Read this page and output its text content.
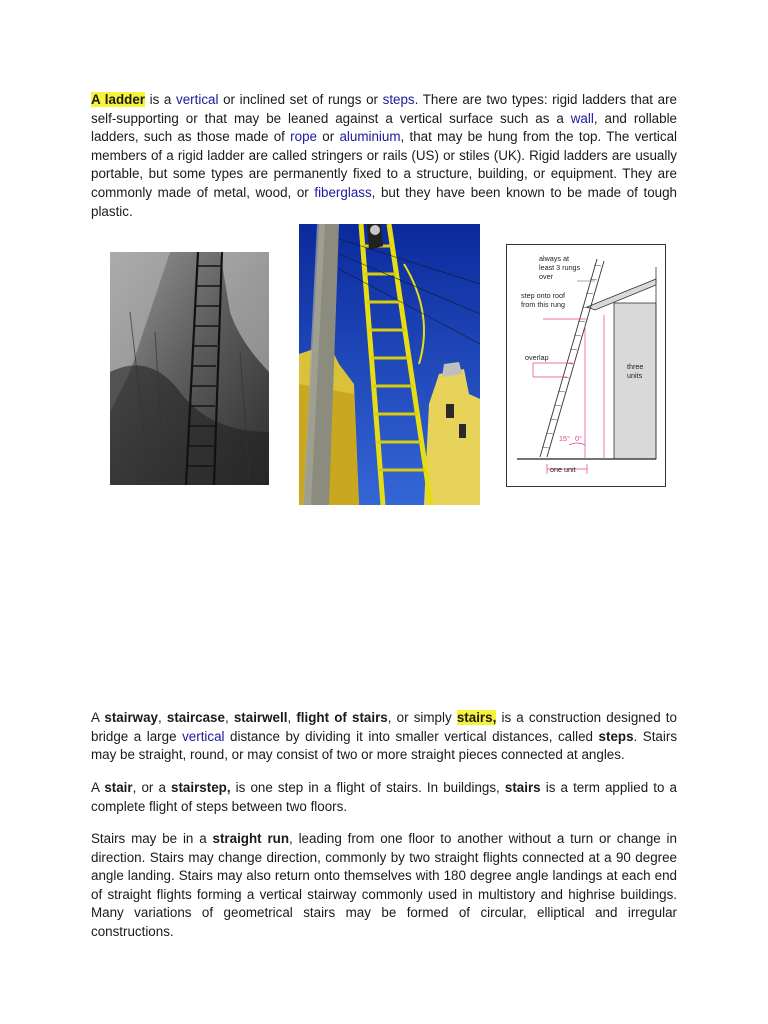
A ladder is a vertical or inclined set of rungs or steps. There are two types: rigid ladders that are self-supporting or that may be leaned against a vertical surface such as a wall, and rollable ladders, such as those made of rope or aluminium, that may be hung from the top. The vertical members of a rigid ladder are called stringers or rails (US) or stiles (UK). Rigid ladders are usually portable, but some types are permanently fixed to a structure, building, or equipment. They are commonly made of metal, wood, or fiberglass, but they have been known to be made of tough plastic.

always at
least 3 rungs
over
step onto roof
from this rung
overlap
three
units
15° 0°
one unit

A stairway, staircase, stairwell, flight of stairs, or simply stairs, is a construction designed to bridge a large vertical distance by dividing it into smaller vertical distances, called steps. Stairs may be straight, round, or may consist of two or more straight pieces connected at angles.

A stair, or a stairstep, is one step in a flight of stairs. In buildings, stairs is a term applied to a complete flight of steps between two floors.

Stairs may be in a straight run, leading from one floor to another without a turn or change in direction. Stairs may change direction, commonly by two straight flights connected at a 90 degree angle landing. Stairs may also return onto themselves with 180 degree angle landings at each end of straight flights forming a vertical stairway commonly used in multistory and highrise buildings. Many variations of geometrical stairs may be formed of circular, elliptical and irregular constructions.
